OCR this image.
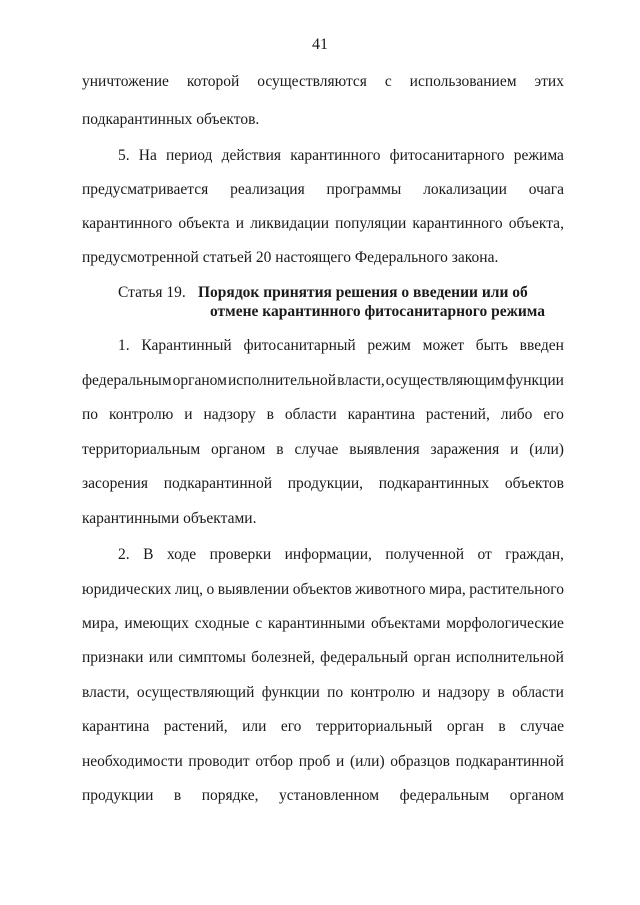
41
уничтожение которой осуществляются с использованием этих
подкарантинных объектов.
5. На период действия карантинного фитосанитарного режима
предусматривается реализация программы локализации очага
карантинного объекта и ликвидации популяции карантинного объекта,
предусмотренной статьей 20 настоящего Федерального закона.
Статья 19. Порядок принятия решения о введении или об
отмене карантинного фитосанитарного режима
1. Карантинный фитосанитарный режим может быть введен
федеральным органом исполнительной власти, осуществляющим функции
по контролю и надзору в области карантина растений, либо его
территориальным органом в случае выявления заражения и (или)
засорения подкарантинной продукции, подкарантинных объектов
карантинными объектами.
2. В ходе проверки информации, полученной от граждан,
юридических лиц, о выявлении объектов животного мира, растительного
мира, имеющих сходные с карантинными объектами морфологические
признаки или симптомы болезней, федеральный орган исполнительной
власти, осуществляющий функции по контролю и надзору в области
карантина растений, или его территориальный орган в случае
необходимости проводит отбор проб и (или) образцов подкарантинной
продукции в порядке, установленном федеральным органом
